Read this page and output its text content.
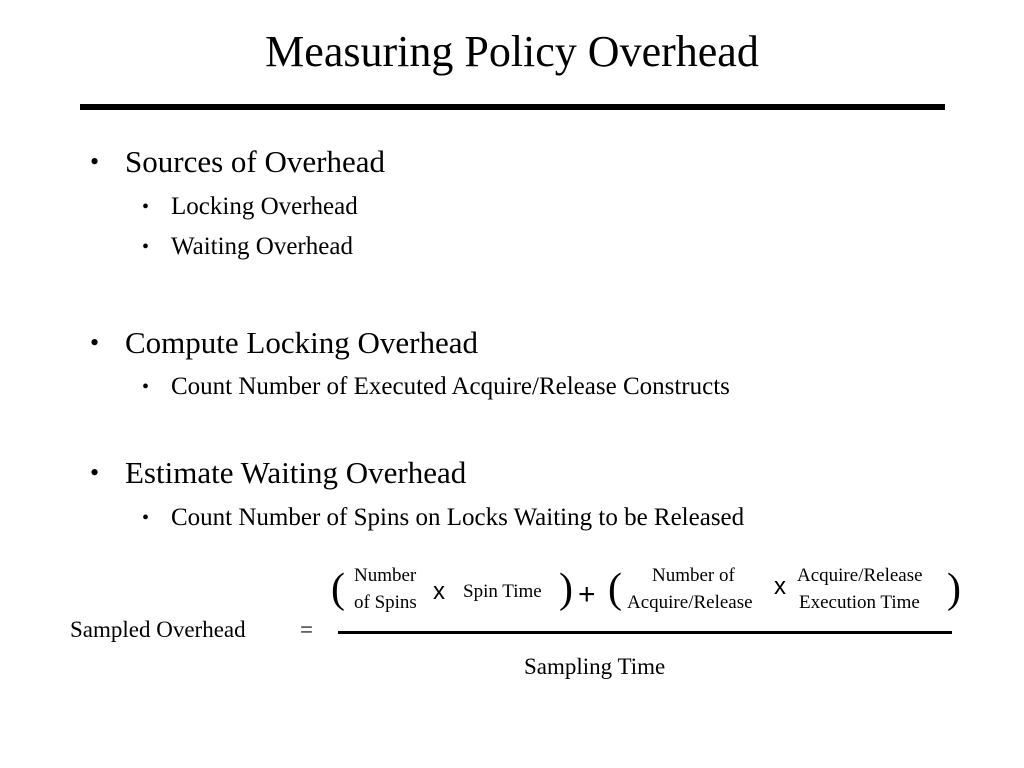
Measuring Policy Overhead
• Sources of Overhead
• Locking Overhead
• Waiting Overhead
• Compute Locking Overhead
• Count Number of Executed Acquire/Release Constructs
• Estimate Waiting Overhead
• Count Number of Spins on Locks Waiting to be Released
Sampled Overhead =
( Number
of Spins x Spin Time ) + ( Number of
Acquire/Release
x Acquire/Release
Execution Time )
Sampling Time
